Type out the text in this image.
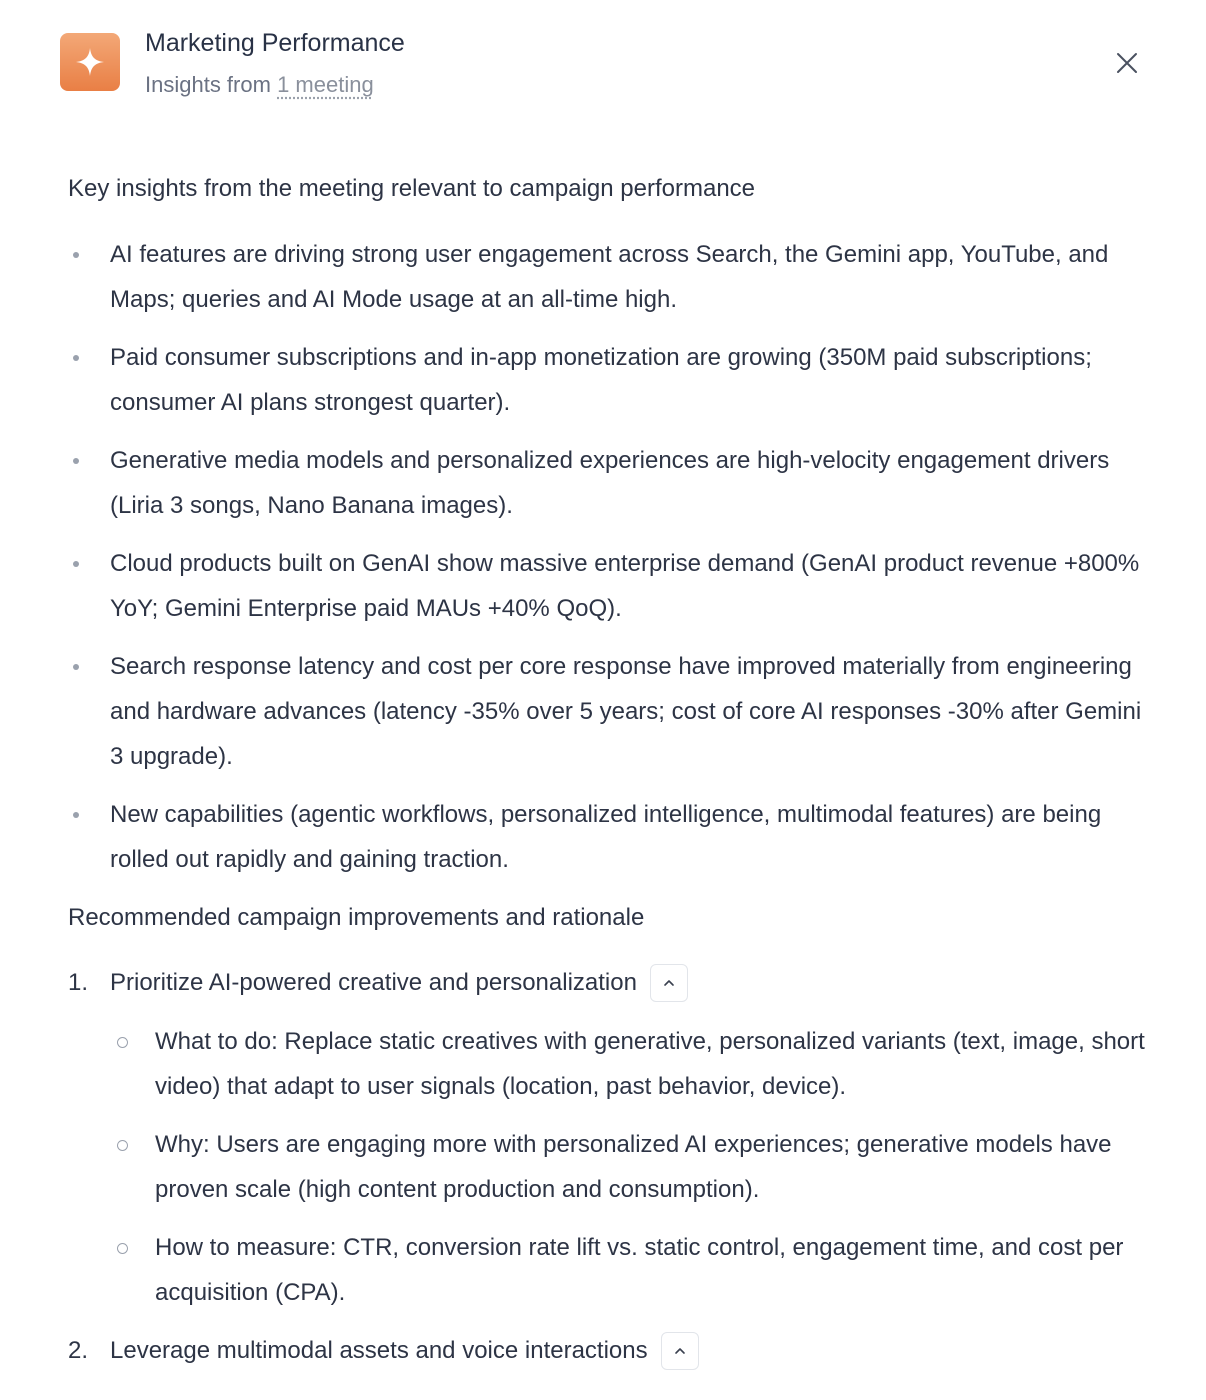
Marketing Performance
Insights from 1 meeting
Key insights from the meeting relevant to campaign performance
AI features are driving strong user engagement across Search, the Gemini app, YouTube, and Maps; queries and AI Mode usage at an all-time high.
Paid consumer subscriptions and in-app monetization are growing (350M paid subscriptions; consumer AI plans strongest quarter).
Generative media models and personalized experiences are high-velocity engagement drivers (Liria 3 songs, Nano Banana images).
Cloud products built on GenAI show massive enterprise demand (GenAI product revenue +800% YoY; Gemini Enterprise paid MAUs +40% QoQ).
Search response latency and cost per core response have improved materially from engineering and hardware advances (latency -35% over 5 years; cost of core AI responses -30% after Gemini 3 upgrade).
New capabilities (agentic workflows, personalized intelligence, multimodal features) are being rolled out rapidly and gaining traction.
Recommended campaign improvements and rationale
1. Prioritize AI-powered creative and personalization
What to do: Replace static creatives with generative, personalized variants (text, image, short video) that adapt to user signals (location, past behavior, device).
Why: Users are engaging more with personalized AI experiences; generative models have proven scale (high content production and consumption).
How to measure: CTR, conversion rate lift vs. static control, engagement time, and cost per acquisition (CPA).
2. Leverage multimodal assets and voice interactions
